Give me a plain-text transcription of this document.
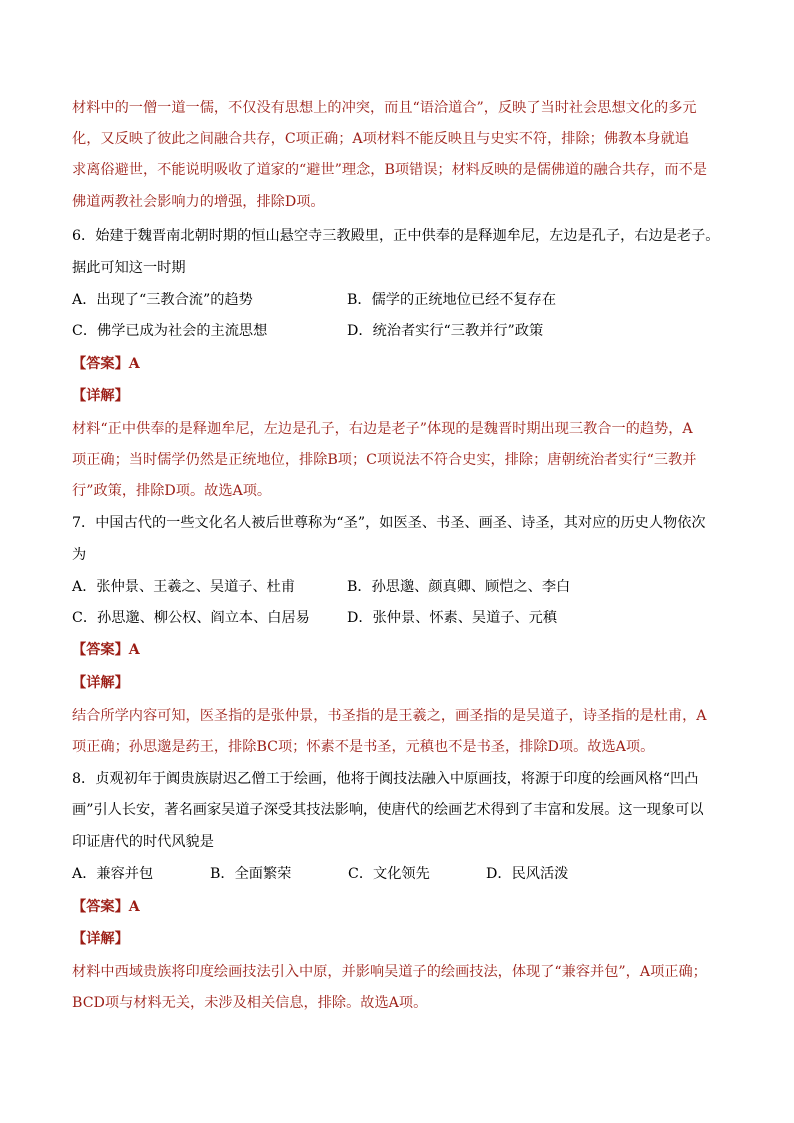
材料中的一僧一道一儒，不仅没有思想上的冲突，而且“语洽道合”，反映了当时社会思想文化的多元
化，又反映了彼此之间融合共存，C项正确；A项材料不能反映且与史实不符，排除；佛教本身就追
求离俗避世，不能说明吸收了道家的“避世”理念，B项错误；材料反映的是儒佛道的融合共存，而不是
佛道两教社会影响力的增强，排除D项。
6．始建于魏晋南北朝时期的恒山悬空寺三教殿里，正中供奉的是释迦牟尼，左边是孔子，右边是老子。
据此可知这一时期
A．出现了“三教合流”的趋势	B．儒学的正统地位已经不复存在
C．佛学已成为社会的主流思想	D．统治者实行“三教并行”政策
【答案】A
【详解】
材料“正中供奉的是释迦牟尼，左边是孔子，右边是老子”体现的是魏晋时期出现三教合一的趋势，A
项正确；当时儒学仍然是正统地位，排除B项；C项说法不符合史实，排除；唐朝统治者实行“三教并
行”政策，排除D项。故选A项。
7．中国古代的一些文化名人被后世尊称为“圣”，如医圣、书圣、画圣、诗圣，其对应的历史人物依次
为
A．张仲景、王羲之、吴道子、杜甫	B．孙思邈、颜真卿、顾恺之、李白
C．孙思邈、柳公权、阎立本、白居易	D．张仲景、怀素、吴道子、元稹
【答案】A
【详解】
结合所学内容可知，医圣指的是张仲景，书圣指的是王羲之，画圣指的是吴道子，诗圣指的是杜甫，A
项正确；孙思邈是药王，排除BC项；怀素不是书圣，元稹也不是书圣，排除D项。故选A项。
8．贞观初年于阗贵族尉迟乙僧工于绘画，他将于阗技法融入中原画技，将源于印度的绘画风格“凹凸
画”引人长安，著名画家吴道子深受其技法影响，使唐代的绘画艺术得到了丰富和发展。这一现象可以
印证唐代的时代风貌是
A．兼容并包	B．全面繁荣	C．文化领先	D．民风活泼
【答案】A
【详解】
材料中西域贵族将印度绘画技法引入中原，并影响吴道子的绘画技法，体现了“兼容并包”，A项正确；
BCD项与材料无关，未涉及相关信息，排除。故选A项。
